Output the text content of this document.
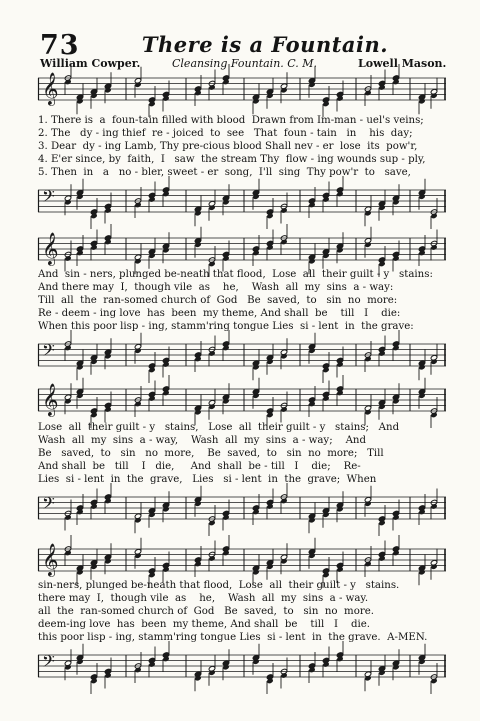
73	There is a Fountain.
William Cowper.	Cleansing Fountain. C. M.	Lowell Mason.
𝄞
1. There is  a  foun-tain filled with blood  Drawn from Im-man - uel's veins;
2. The   dy - ing thief  re - joiced  to  see   That  foun - tain   in    his  day;
3. Dear  dy - ing Lamb, Thy pre-cious blood Shall nev - er  lose  its  pow'r,
4. E'er since, by  faith,  I   saw  the stream Thy  flow - ing wounds sup - ply,
5. Then  in   a   no - bler, sweet - er  song,  I'll  sing  Thy pow'r  to   save,
𝄢
𝄞
And  sin - ners, plunged be-neath that flood,  Lose  all  their guilt - y   stains:
And there may  I,  though vile  as    he,    Wash  all  my  sins  a - way:
Till  all  the  ran-somed church of  God   Be  saved,  to   sin  no  more:
Re - deem - ing love  has  been  my theme, And shall  be    till   I    die:
When this poor lisp - ing, stamm'ring tongue Lies  si - lent  in  the grave:
𝄢
𝄞
Lose  all  their guilt - y   stains,   Lose  all  their guilt - y   stains;   And
Wash  all  my  sins  a - way,    Wash  all  my  sins  a - way;    And
Be   saved,  to   sin   no  more,    Be  saved,  to   sin  no  more;   Till
And shall  be   till    I   die,     And  shall  be - till   I    die;    Re-
Lies  si - lent  in  the  grave,   Lies   si - lent  in  the  grave;  When
𝄢
𝄞
sin-ners, plunged be-neath that flood,  Lose  all  their guilt - y   stains.
there may  I,  though vile  as    he,    Wash  all  my  sins  a - way.
all  the  ran-somed church of  God   Be  saved,  to   sin  no  more.
deem-ing love  has  been  my theme, And shall  be    till   I    die.
this poor lisp - ing, stamm'ring tongue Lies  si - lent  in  the grave.  A-MEN.
𝄢
